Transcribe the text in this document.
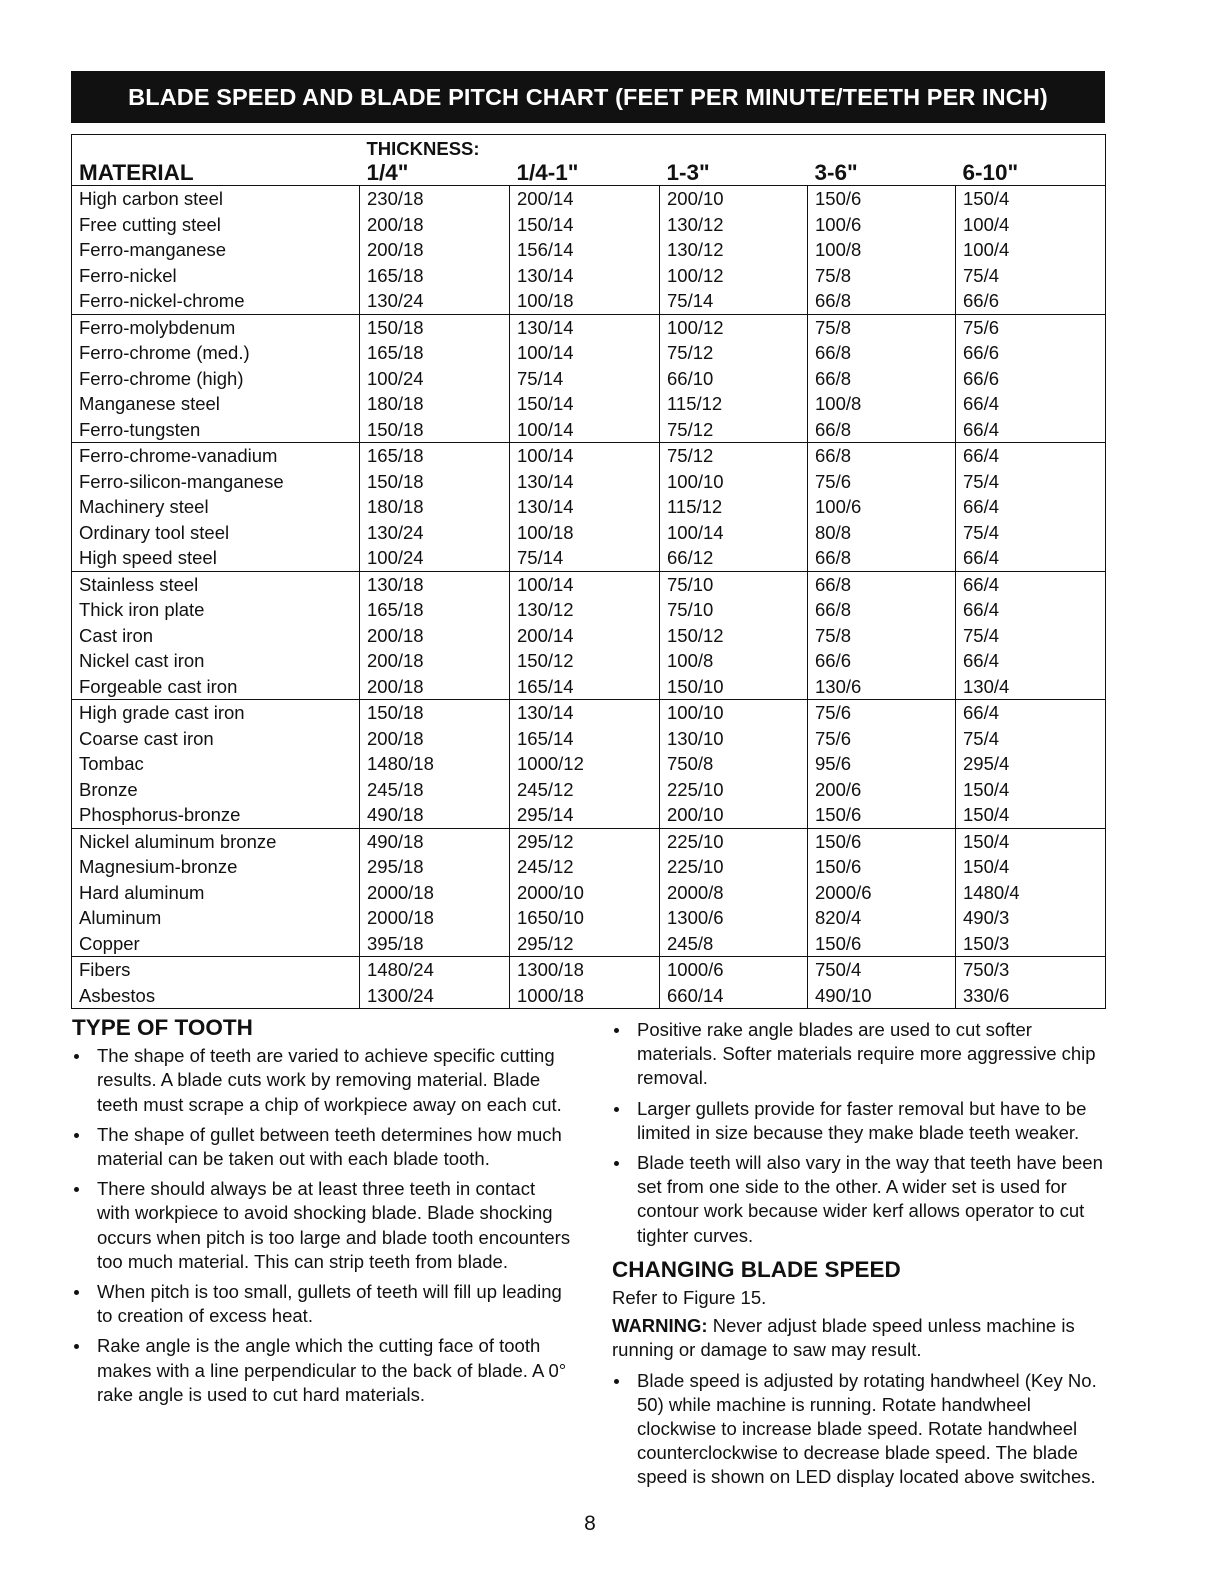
BLADE SPEED AND BLADE PITCH CHART (FEET PER MINUTE/TEETH PER INCH)
	THICKNESS:				
MATERIAL	1/4"	1/4-1"	1-3"	3-6"	6-10"
High carbon steel	230/18	200/14	200/10	150/6	150/4
Free cutting steel	200/18	150/14	130/12	100/6	100/4
Ferro-manganese	200/18	156/14	130/12	100/8	100/4
Ferro-nickel	165/18	130/14	100/12	75/8	75/4
Ferro-nickel-chrome	130/24	100/18	75/14	66/8	66/6
Ferro-molybdenum	150/18	130/14	100/12	75/8	75/6
Ferro-chrome (med.)	165/18	100/14	75/12	66/8	66/6
Ferro-chrome (high)	100/24	75/14	66/10	66/8	66/6
Manganese steel	180/18	150/14	115/12	100/8	66/4
Ferro-tungsten	150/18	100/14	75/12	66/8	66/4
Ferro-chrome-vanadium	165/18	100/14	75/12	66/8	66/4
Ferro-silicon-manganese	150/18	130/14	100/10	75/6	75/4
Machinery steel	180/18	130/14	115/12	100/6	66/4
Ordinary tool steel	130/24	100/18	100/14	80/8	75/4
High speed steel	100/24	75/14	66/12	66/8	66/4
Stainless steel	130/18	100/14	75/10	66/8	66/4
Thick iron plate	165/18	130/12	75/10	66/8	66/4
Cast iron	200/18	200/14	150/12	75/8	75/4
Nickel cast iron	200/18	150/12	100/8	66/6	66/4
Forgeable cast iron	200/18	165/14	150/10	130/6	130/4
High grade cast iron	150/18	130/14	100/10	75/6	66/4
Coarse cast iron	200/18	165/14	130/10	75/6	75/4
Tombac	1480/18	1000/12	750/8	95/6	295/4
Bronze	245/18	245/12	225/10	200/6	150/4
Phosphorus-bronze	490/18	295/14	200/10	150/6	150/4
Nickel aluminum bronze	490/18	295/12	225/10	150/6	150/4
Magnesium-bronze	295/18	245/12	225/10	150/6	150/4
Hard aluminum	2000/18	2000/10	2000/8	2000/6	1480/4
Aluminum	2000/18	1650/10	1300/6	820/4	490/3
Copper	395/18	295/12	245/8	150/6	150/3
Fibers	1480/24	1300/18	1000/6	750/4	750/3
Asbestos	1300/24	1000/18	660/14	490/10	330/6
TYPE OF TOOTH
The shape of teeth are varied to achieve specific cutting results. A blade cuts work by removing material. Blade teeth must scrape a chip of workpiece away on each cut.
The shape of gullet between teeth determines how much material can be taken out with each blade tooth.
There should always be at least three teeth in contact with workpiece to avoid shocking blade. Blade shocking occurs when pitch is too large and blade tooth encounters too much material. This can strip teeth from blade.
When pitch is too small, gullets of teeth will fill up leading to creation of excess heat.
Rake angle is the angle which the cutting face of tooth makes with a line perpendicular to the back of blade. A 0° rake angle is used to cut hard materials.
Positive rake angle blades are used to cut softer materials. Softer materials require more aggressive chip removal.
Larger gullets provide for faster removal but have to be limited in size because they make blade teeth weaker.
Blade teeth will also vary in the way that teeth have been set from one side to the other. A wider set is used for contour work because wider kerf allows operator to cut tighter curves.
CHANGING BLADE SPEED
Refer to Figure 15.
WARNING: Never adjust blade speed unless machine is running or damage to saw may result.
Blade speed is adjusted by rotating handwheel (Key No. 50) while machine is running. Rotate handwheel clockwise to increase blade speed. Rotate handwheel counterclockwise to decrease blade speed. The blade speed is shown on LED display located above switches.
8
